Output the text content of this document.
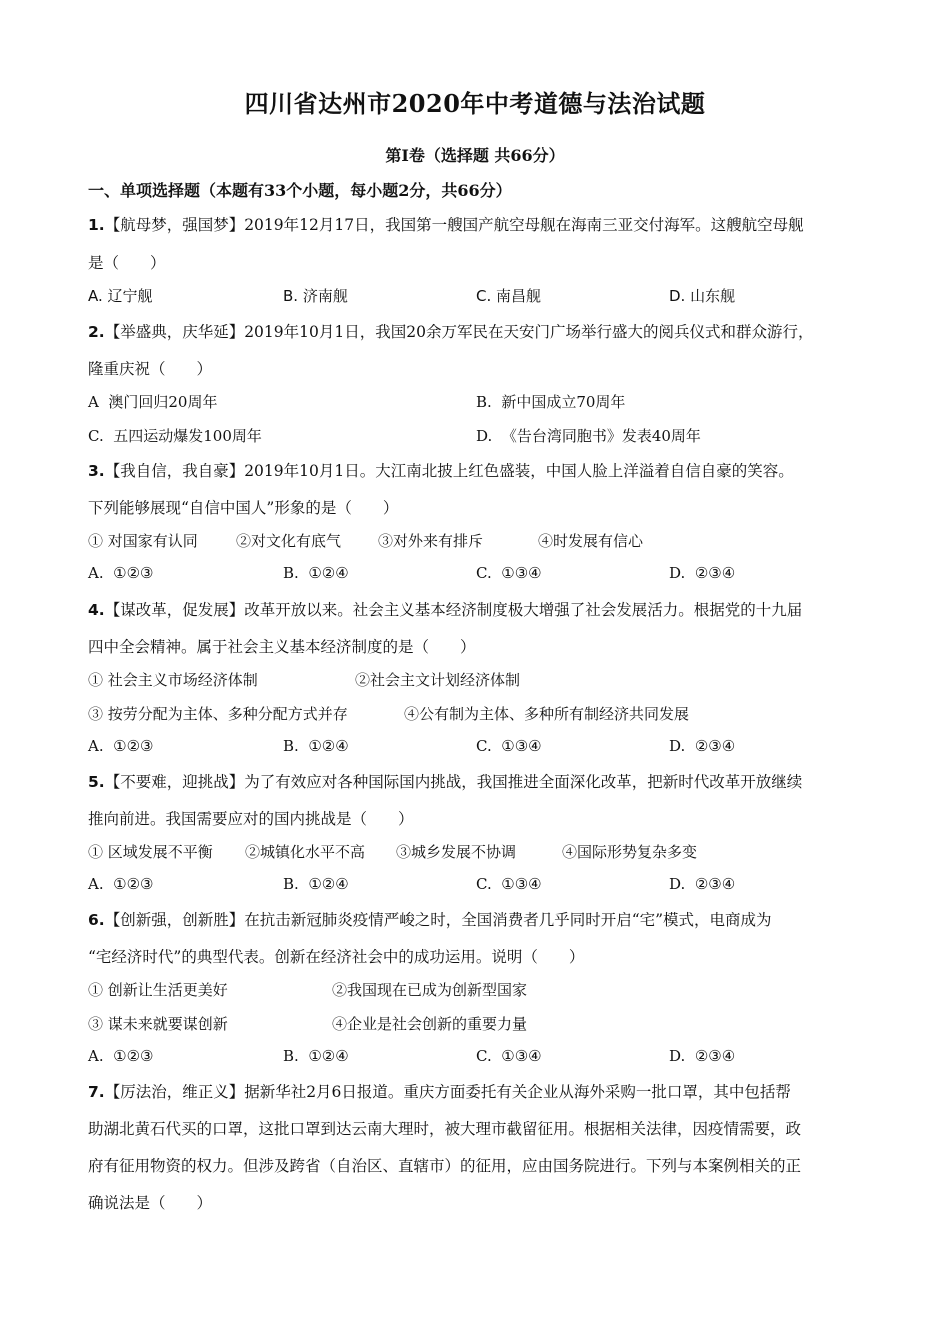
四川省达州市2020年中考道德与法治试题
第I卷（选择题 共66分）
一、单项选择题（本题有33个小题，每小题2分，共66分）
1.【航母梦，强国梦】2019年12月17日，我国第一艘国产航空母舰在海南三亚交付海军。这艘航空母舰
是（　　）
A. 辽宁舰	B. 济南舰	C. 南昌舰	D. 山东舰
2.【举盛典，庆华延】2019年10月1日，我国20余万军民在天安门广场举行盛大的阅兵仪式和群众游行，
隆重庆祝（　　）
A 澳门回归20周年	B. 新中国成立70周年
C. 五四运动爆发100周年	D. 《告台湾同胞书》发表40周年
3.【我自信，我自豪】2019年10月1日。大江南北披上红色盛装，中国人脸上洋溢着自信自豪的笑容。
下列能够展现“自信中国人”形象的是（　　）
① 对国家有认同	②对文化有底气 ③对外来有排斥	④时发展有信心
A. ①②③	B. ①②④	C. ①③④	D. ②③④
4.【谋改革，促发展】改革开放以来。社会主义基本经济制度极大增强了社会发展活力。根据党的十九届
四中全会精神。属于社会主义基本经济制度的是（　　）
① 社会主义市场经济体制	②社会主文计划经济体制
③ 按劳分配为主体、多种分配方式并存	④公有制为主体、多种所有制经济共同发展
A. ①②③	B. ①②④	C. ①③④	D. ②③④
5.【不要难，迎挑战】为了有效应对各种国际国内挑战，我国推进全面深化改革，把新时代改革开放继续
推向前进。我国需要应对的国内挑战是（　　）
① 区域发展不平衡 ②城镇化水平不高 ③城乡发展不协调	④国际形势复杂多变
A. ①②③	B. ①②④	C. ①③④	D. ②③④
6.【创新强，创新胜】在抗击新冠肺炎疫情严峻之时，全国消费者几乎同时开启“宅”模式，电商成为
“宅经济时代”的典型代表。创新在经济社会中的成功运用。说明（　　）
① 创新让生活更美好	②我国现在已成为创新型国家
③ 谋未来就要谋创新	④企业是社会创新的重要力量
A. ①②③	B. ①②④	C. ①③④	D. ②③④
7.【厉法治，维正义】据新华社2月6日报道。重庆方面委托有关企业从海外采购一批口罩，其中包括帮
助湖北黄石代买的口罩，这批口罩到达云南大理时，被大理市截留征用。根据相关法律，因疫情需要，政
府有征用物资的权力。但涉及跨省（自治区、直辖市）的征用，应由国务院进行。下列与本案例相关的正
确说法是（　　）
